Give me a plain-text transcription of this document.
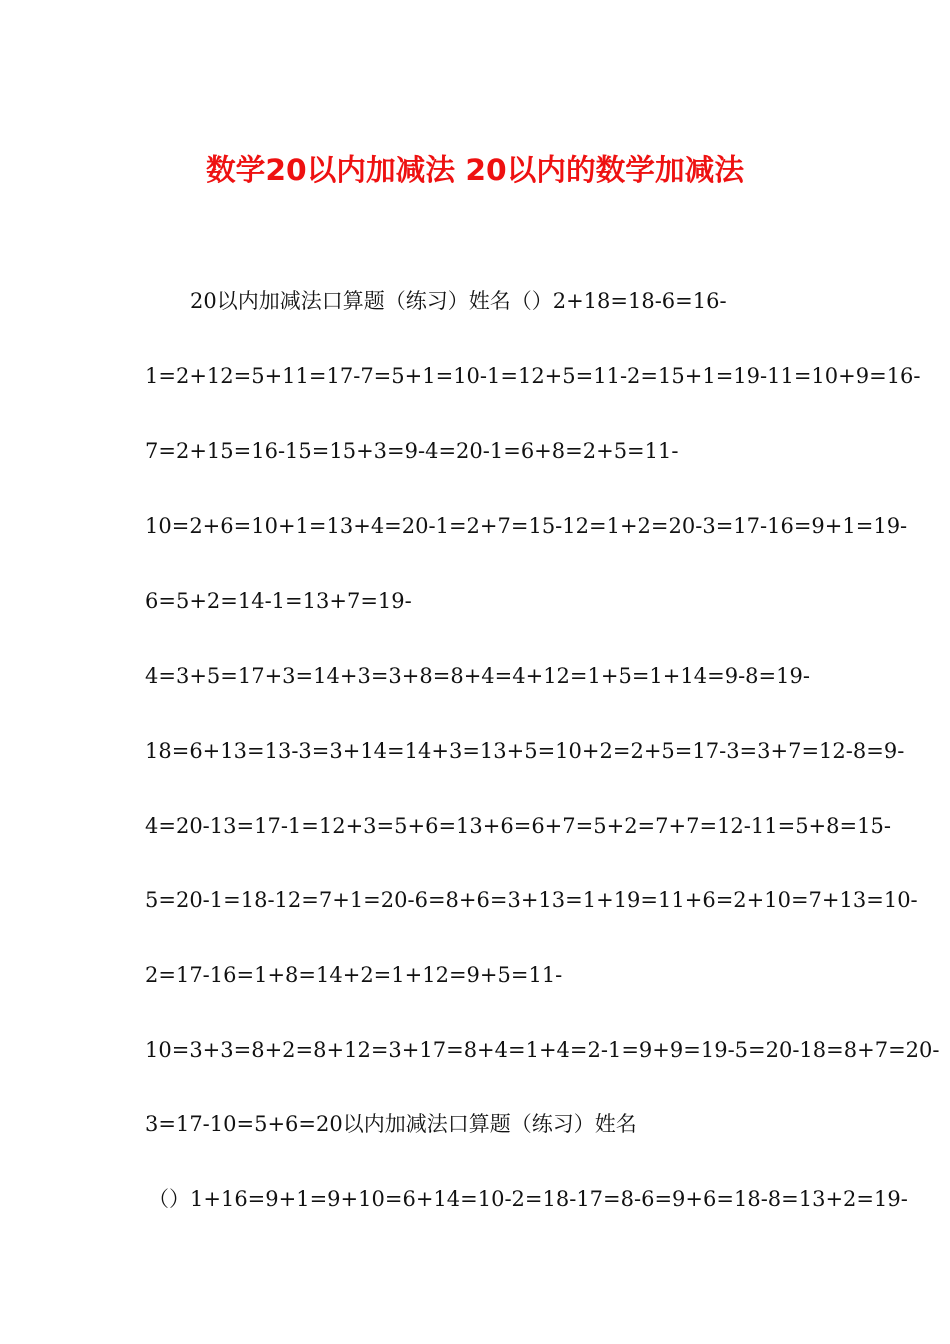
数学20以内加减法 20以内的数学加减法
20以内加减法口算题（练习）姓名（）2+18=18-6=16-
1=2+12=5+11=17-7=5+1=10-1=12+5=11-2=15+1=19-11=10+9=16-
7=2+15=16-15=15+3=9-4=20-1=6+8=2+5=11-
10=2+6=10+1=13+4=20-1=2+7=15-12=1+2=20-3=17-16=9+1=19-
6=5+2=14-1=13+7=19-
4=3+5=17+3=14+3=3+8=8+4=4+12=1+5=1+14=9-8=19-
18=6+13=13-3=3+14=14+3=13+5=10+2=2+5=17-3=3+7=12-8=9-
4=20-13=17-1=12+3=5+6=13+6=6+7=5+2=7+7=12-11=5+8=15-
5=20-1=18-12=7+1=20-6=8+6=3+13=1+19=11+6=2+10=7+13=10-
2=17-16=1+8=14+2=1+12=9+5=11-
10=3+3=8+2=8+12=3+17=8+4=1+4=2-1=9+9=19-5=20-18=8+7=20-
3=17-10=5+6=20以内加减法口算题（练习）姓名
（）1+16=9+1=9+10=6+14=10-2=18-17=8-6=9+6=18-8=13+2=19-
